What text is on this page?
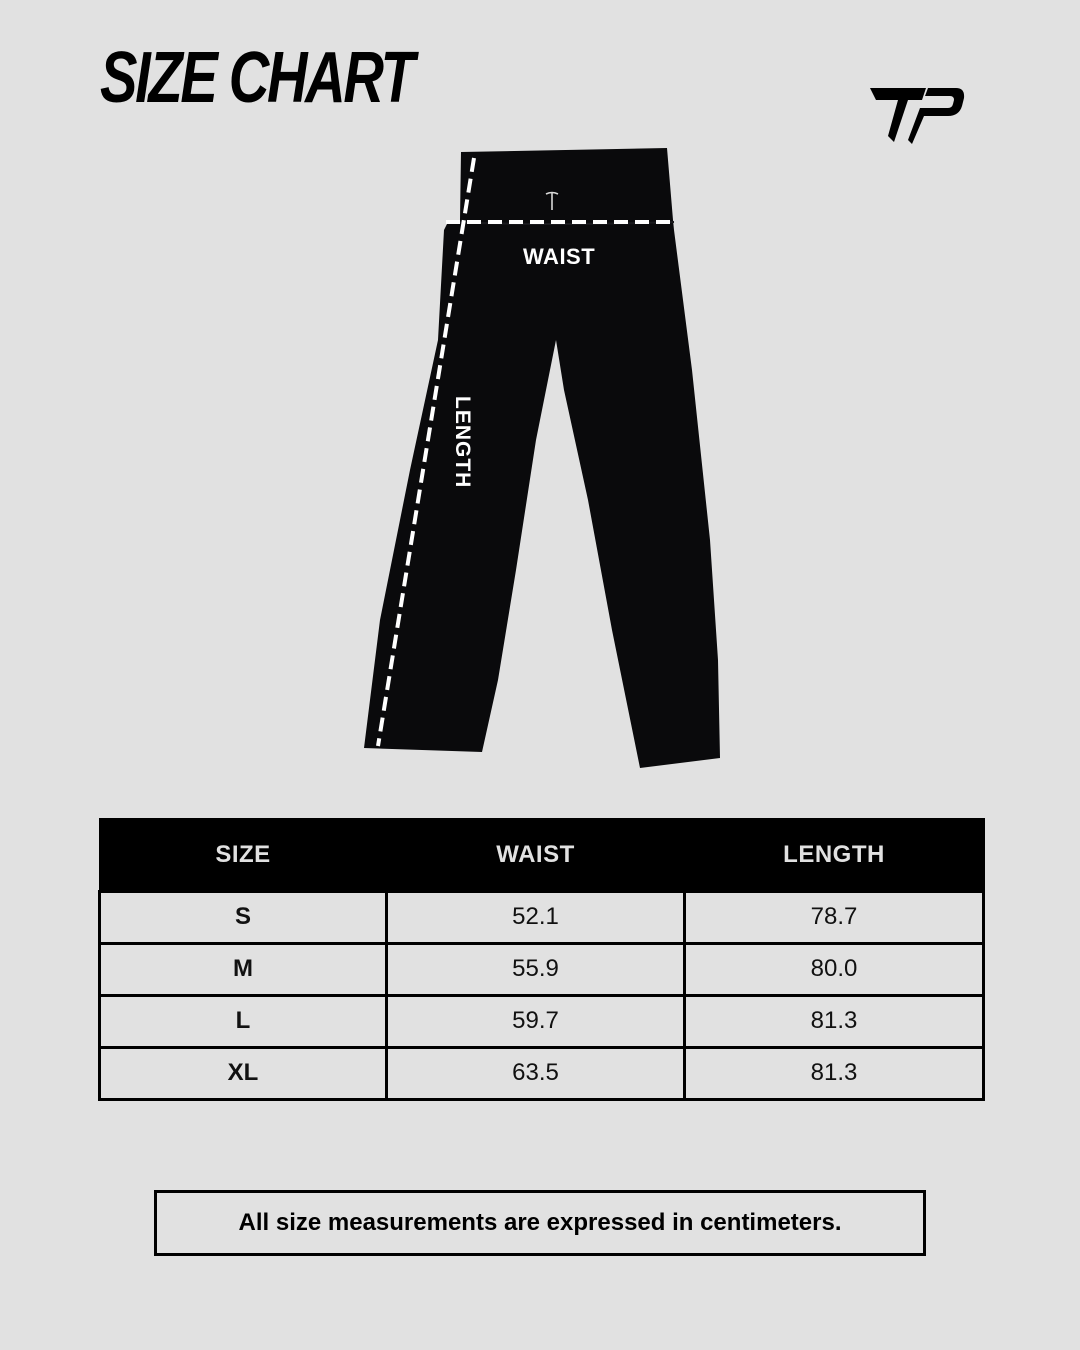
SIZE CHART
WAIST
LENGTH
SIZE	WAIST	LENGTH
S	52.1	78.7
M	55.9	80.0
L	59.7	81.3
XL	63.5	81.3
All size measurements are expressed in centimeters.
